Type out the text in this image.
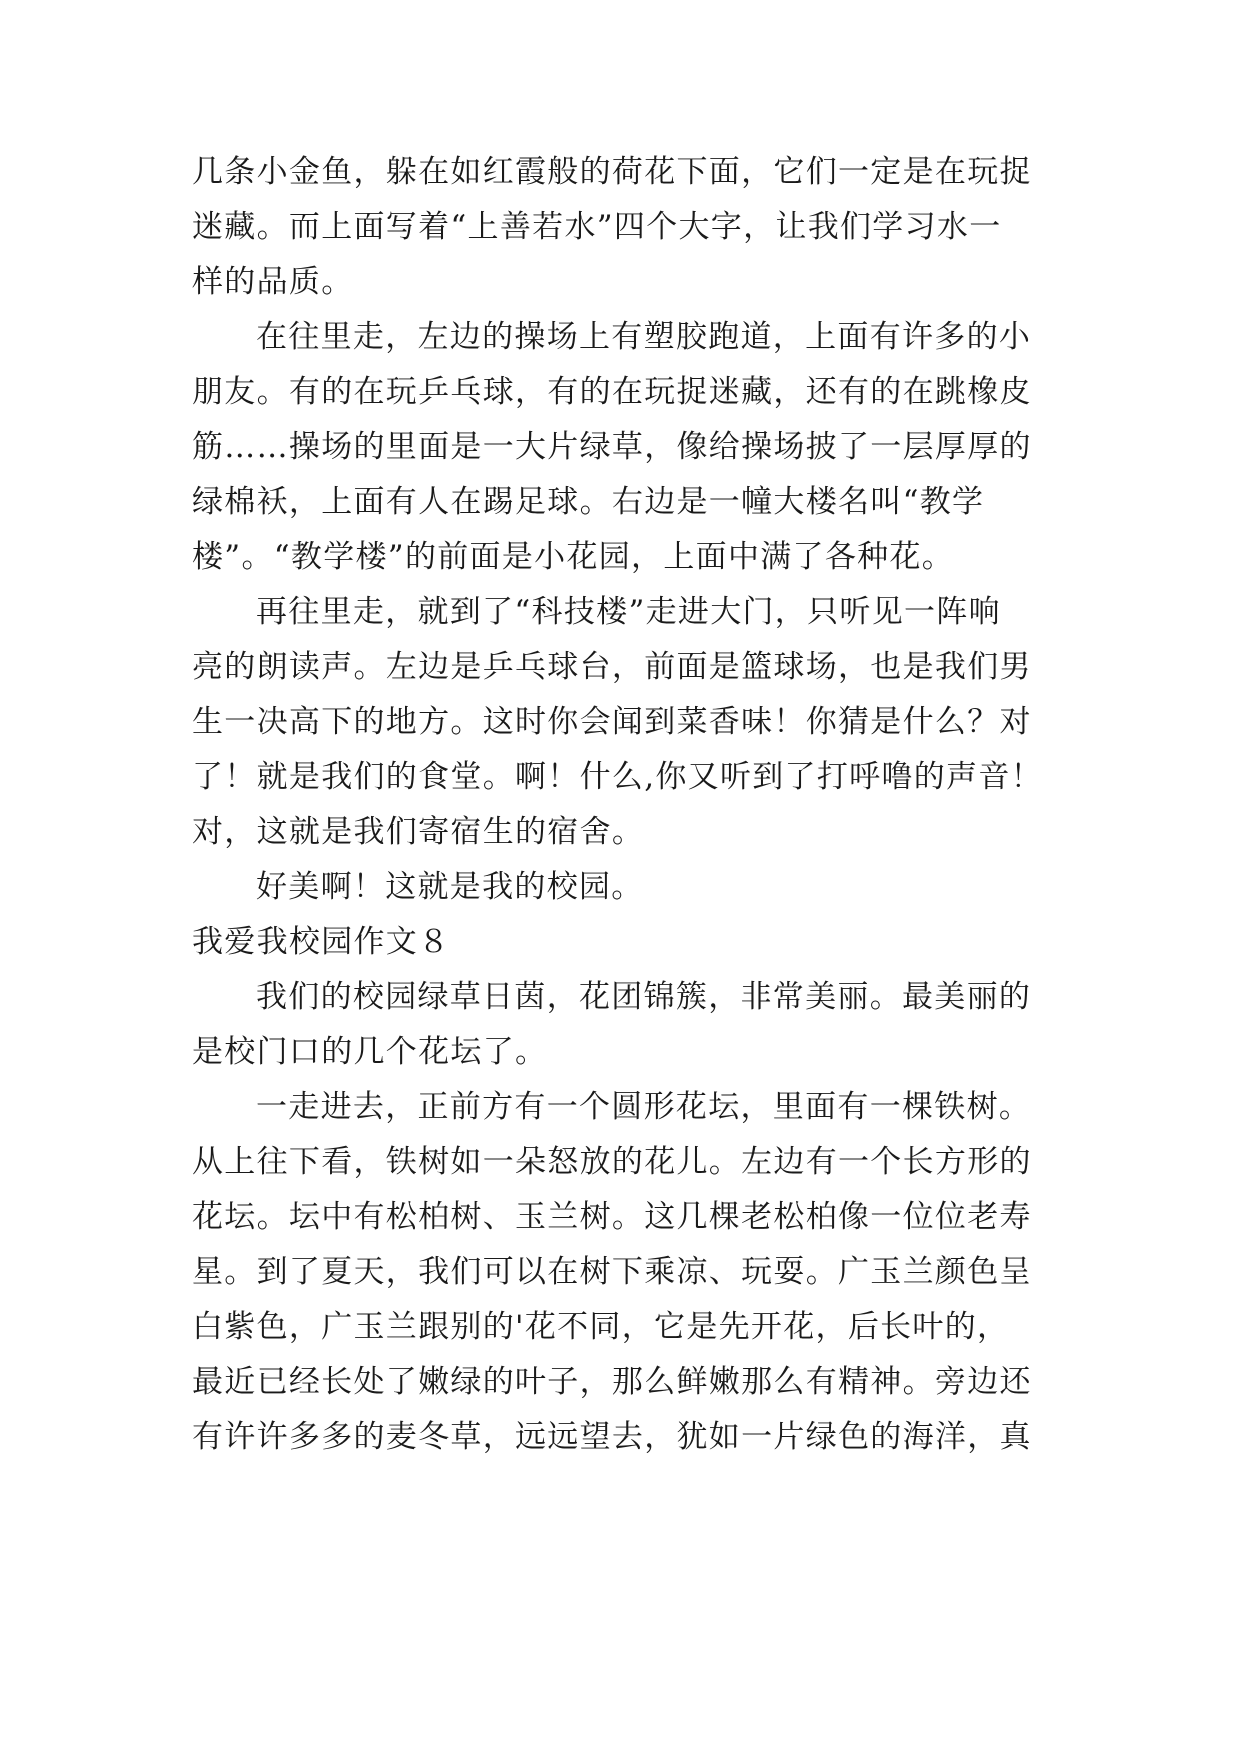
几条小金鱼，躲在如红霞般的荷花下面，它们一定是在玩捉

迷藏。而上面写着“上善若水”四个大字，让我们学习水一

样的品质。

在往里走，左边的操场上有塑胶跑道，上面有许多的小

朋友。有的在玩乒乓球，有的在玩捉迷藏，还有的在跳橡皮

筋……操场的里面是一大片绿草，像给操场披了一层厚厚的

绿棉袄，上面有人在踢足球。右边是一幢大楼名叫“教学

楼”。“教学楼”的前面是小花园，上面中满了各种花。

再往里走，就到了“科技楼”走进大门，只听见一阵响

亮的朗读声。左边是乒乓球台，前面是篮球场，也是我们男

生一决高下的地方。这时你会闻到菜香味！你猜是什么？对

了！就是我们的食堂。啊！什么,你又听到了打呼噜的声音！

对，这就是我们寄宿生的宿舍。

好美啊！这就是我的校园。

我爱我校园作文８

我们的校园绿草日茵，花团锦簇，非常美丽。最美丽的

是校门口的几个花坛了。

一走进去，正前方有一个圆形花坛，里面有一棵铁树。

从上往下看，铁树如一朵怒放的花儿。左边有一个长方形的

花坛。坛中有松柏树、玉兰树。这几棵老松柏像一位位老寿

星。到了夏天，我们可以在树下乘凉、玩耍。广玉兰颜色呈

白紫色，广玉兰跟别的'花不同，它是先开花，后长叶的，

最近已经长处了嫩绿的叶子，那么鲜嫩那么有精神。旁边还

有许许多多的麦冬草，远远望去，犹如一片绿色的海洋，真
